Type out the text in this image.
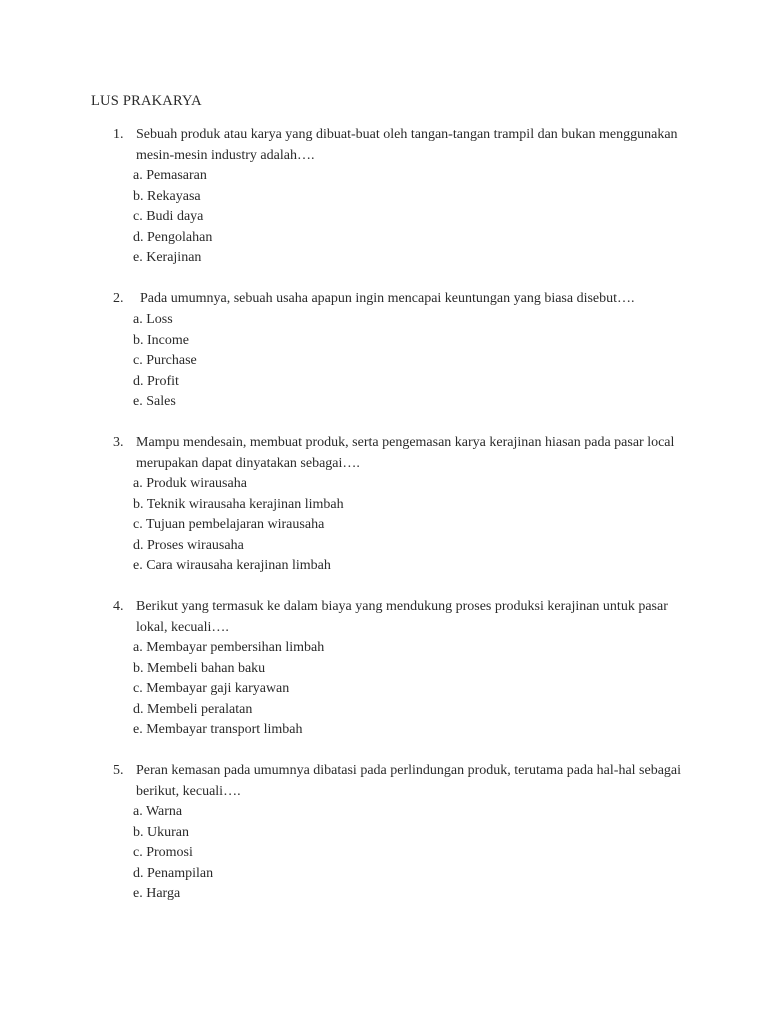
LUS PRAKARYA
1. Sebuah produk atau karya yang dibuat-buat oleh tangan-tangan trampil dan bukan menggunakan mesin-mesin industry adalah….
a. Pemasaran
b. Rekayasa
c. Budi daya
d. Pengolahan
e. Kerajinan
2. Pada umumnya, sebuah usaha apapun ingin mencapai keuntungan yang biasa disebut….
a. Loss
b. Income
c. Purchase
d. Profit
e. Sales
3. Mampu mendesain, membuat produk, serta pengemasan karya kerajinan hiasan pada pasar local merupakan dapat dinyatakan sebagai….
a. Produk wirausaha
b. Teknik wirausaha kerajinan limbah
c. Tujuan pembelajaran wirausaha
d. Proses wirausaha
e. Cara wirausaha kerajinan limbah
4. Berikut yang termasuk ke dalam biaya yang mendukung proses produksi kerajinan untuk pasar lokal, kecuali….
a. Membayar pembersihan limbah
b. Membeli bahan baku
c. Membayar gaji karyawan
d. Membeli peralatan
e. Membayar transport limbah
5. Peran kemasan pada umumnya dibatasi pada perlindungan produk, terutama pada hal-hal sebagai berikut, kecuali….
a. Warna
b. Ukuran
c. Promosi
d. Penampilan
e. Harga
